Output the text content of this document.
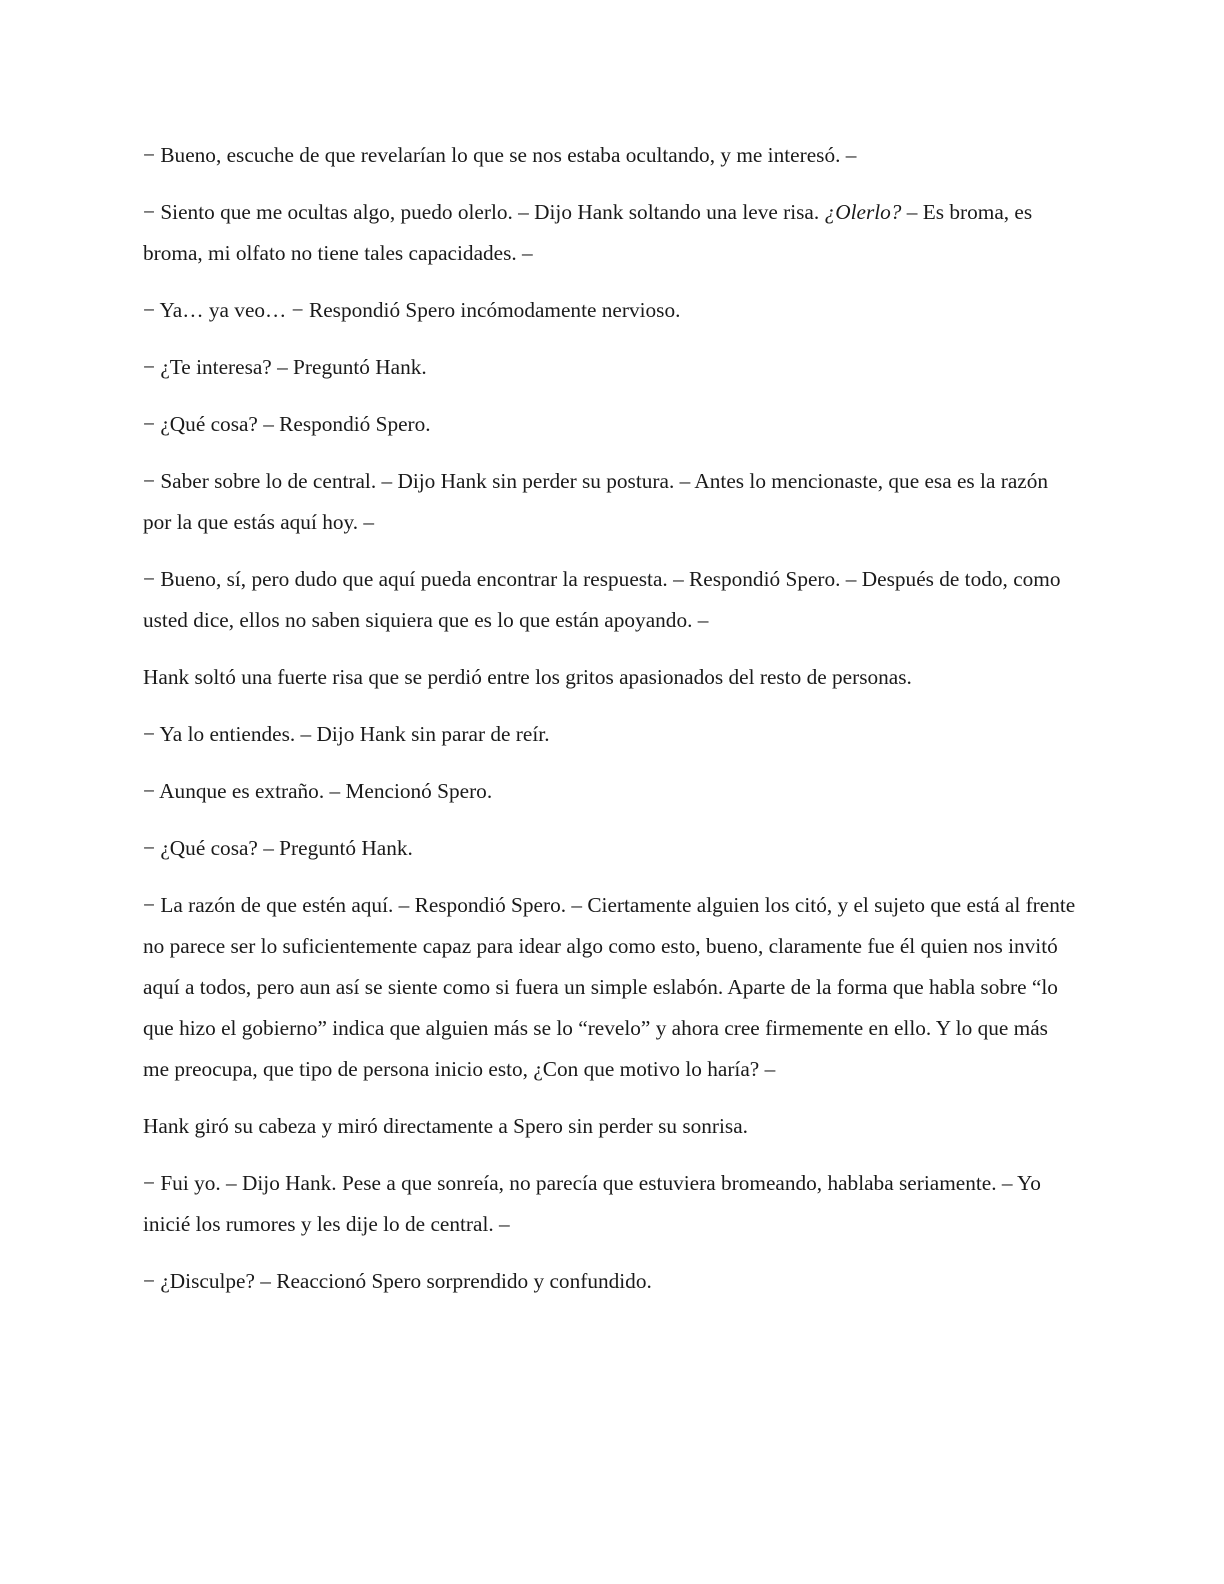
− Bueno, escuche de que revelarían lo que se nos estaba ocultando, y me interesó. –

− Siento que me ocultas algo, puedo olerlo. – Dijo Hank soltando una leve risa. ¿Olerlo? – Es broma, es broma, mi olfato no tiene tales capacidades. –

− Ya… ya veo… − Respondió Spero incómodamente nervioso.

− ¿Te interesa? – Preguntó Hank.

− ¿Qué cosa? – Respondió Spero.

− Saber sobre lo de central. – Dijo Hank sin perder su postura. – Antes lo mencionaste, que esa es la razón por la que estás aquí hoy. –

− Bueno, sí, pero dudo que aquí pueda encontrar la respuesta. – Respondió Spero. – Después de todo, como usted dice, ellos no saben siquiera que es lo que están apoyando. –

Hank soltó una fuerte risa que se perdió entre los gritos apasionados del resto de personas.

− Ya lo entiendes. – Dijo Hank sin parar de reír.

− Aunque es extraño. – Mencionó Spero.

− ¿Qué cosa? – Preguntó Hank.

− La razón de que estén aquí. – Respondió Spero. – Ciertamente alguien los citó, y el sujeto que está al frente no parece ser lo suficientemente capaz para idear algo como esto, bueno, claramente fue él quien nos invitó aquí a todos, pero aun así se siente como si fuera un simple eslabón. Aparte de la forma que habla sobre “lo que hizo el gobierno” indica que alguien más se lo “revelo” y ahora cree firmemente en ello. Y lo que más me preocupa, que tipo de persona inicio esto, ¿Con que motivo lo haría? –

Hank giró su cabeza y miró directamente a Spero sin perder su sonrisa.

− Fui yo. – Dijo Hank. Pese a que sonreía, no parecía que estuviera bromeando, hablaba seriamente. – Yo inicié los rumores y les dije lo de central. –

− ¿Disculpe? – Reaccionó Spero sorprendido y confundido.
